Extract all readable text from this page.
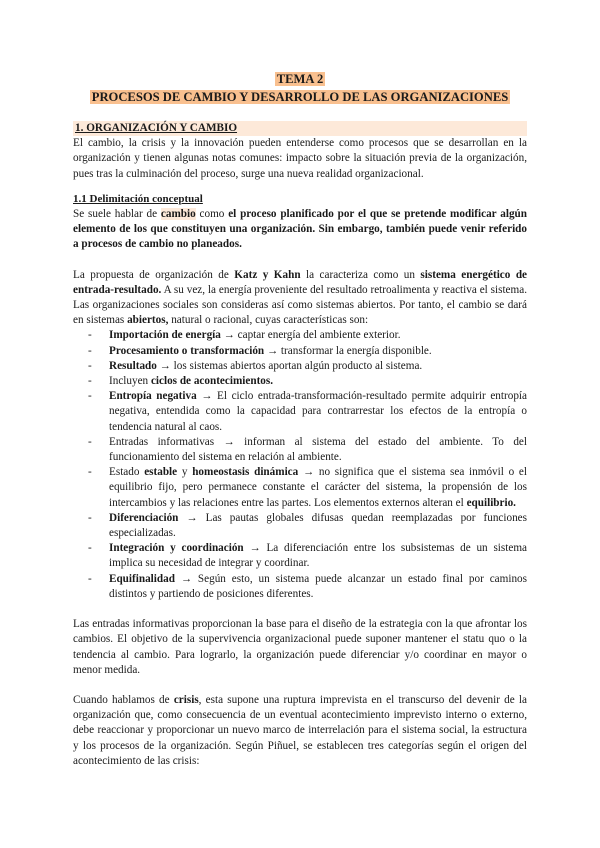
TEMA 2
PROCESOS DE CAMBIO Y DESARROLLO DE LAS ORGANIZACIONES
1. ORGANIZACIÓN Y CAMBIO

El cambio, la crisis y la innovación pueden entenderse como procesos que se desarrollan en la organización y tienen algunas notas comunes: impacto sobre la situación previa de la organización, pues tras la culminación del proceso, surge una nueva realidad organizacional.

1.1 Delimitación conceptual

Se suele hablar de cambio como el proceso planificado por el que se pretende modificar algún elemento de los que constituyen una organización. Sin embargo, también puede venir referido a procesos de cambio no planeados.

La propuesta de organización de Katz y Kahn la caracteriza como un sistema energético de entrada-resultado. A su vez, la energía proveniente del resultado retroalimenta y reactiva el sistema. Las organizaciones sociales son consideras así como sistemas abiertos. Por tanto, el cambio se dará en sistemas abiertos, natural o racional, cuyas características son:

- Importación de energía → captar energía del ambiente exterior.
- Procesamiento o transformación → transformar la energía disponible.
- Resultado → los sistemas abiertos aportan algún producto al sistema.
- Incluyen ciclos de acontecimientos.
- Entropía negativa → El ciclo entrada-transformación-resultado permite adquirir entropía negativa, entendida como la capacidad para contrarrestar los efectos de la entropía o tendencia natural al caos.
- Entradas informativas → informan al sistema del estado del ambiente. To del funcionamiento del sistema en relación al ambiente.
- Estado estable y homeostasis dinámica → no significa que el sistema sea inmóvil o el equilibrio fijo, pero permanece constante el carácter del sistema, la propensión de los intercambios y las relaciones entre las partes. Los elementos externos alteran el equilibrio.
- Diferenciación → Las pautas globales difusas quedan reemplazadas por funciones especializadas.
- Integración y coordinación → La diferenciación entre los subsistemas de un sistema implica su necesidad de integrar y coordinar.
- Equifinalidad → Según esto, un sistema puede alcanzar un estado final por caminos distintos y partiendo de posiciones diferentes.

Las entradas informativas proporcionan la base para el diseño de la estrategia con la que afrontar los cambios. El objetivo de la supervivencia organizacional puede suponer mantener el statu quo o la tendencia al cambio. Para lograrlo, la organización puede diferenciar y/o coordinar en mayor o menor medida.

Cuando hablamos de crisis, esta supone una ruptura imprevista en el transcurso del devenir de la organización que, como consecuencia de un eventual acontecimiento imprevisto interno o externo, debe reaccionar y proporcionar un nuevo marco de interrelación para el sistema social, la estructura y los procesos de la organización. Según Piñuel, se establecen tres categorías según el origen del acontecimiento de las crisis:
